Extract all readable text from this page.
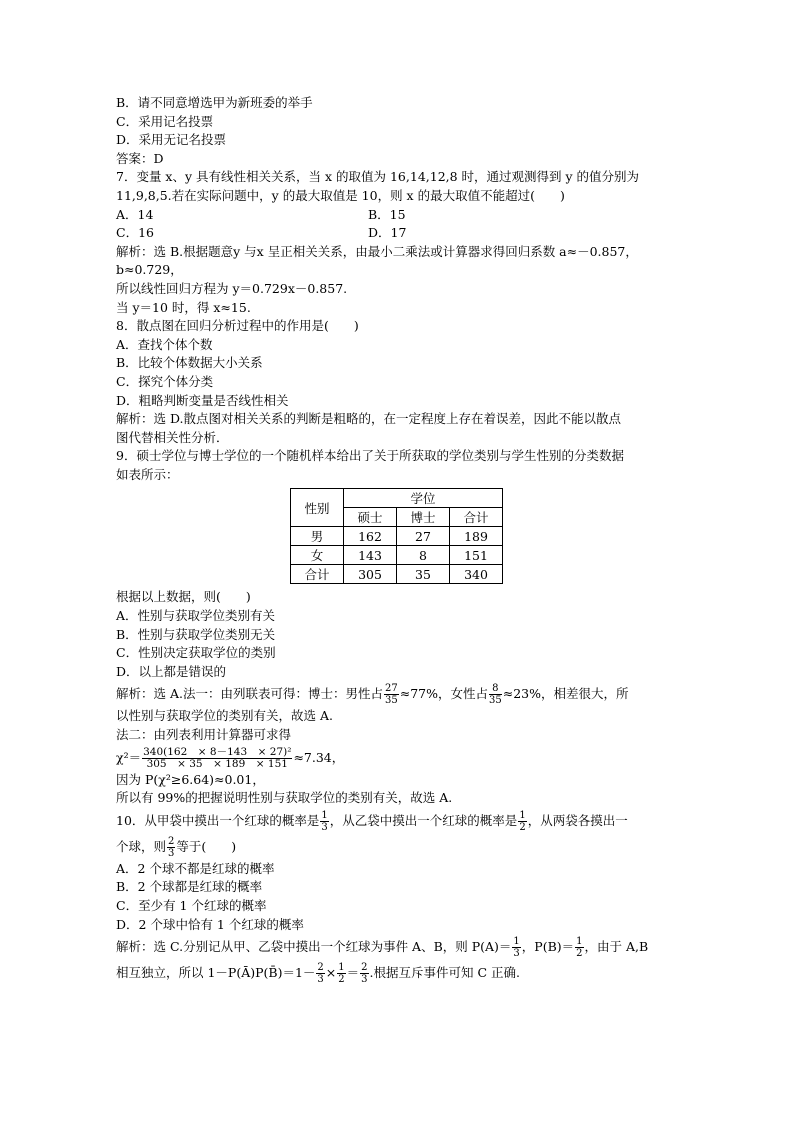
B．请不同意增选甲为新班委的举手
C．采用记名投票
D．采用无记名投票
答案：D
7．变量 x、y 具有线性相关关系，当 x 的取值为 16,14,12,8 时，通过观测得到 y 的值分别为
11,9,8,5.若在实际问题中，y 的最大取值是 10，则 x 的最大取值不能超过(　　)
A．14	B．15
C．16	D．17
解析：选 B.根据题意y 与x 呈正相关关系，由最小二乘法或计算器求得回归系数 a≈－0.857，
b≈0.729，
所以线性回归方程为 y＝0.729x－0.857.
当 y＝10 时，得 x≈15.
8．散点图在回归分析过程中的作用是(　　)
A．查找个体个数
B．比较个体数据大小关系
C．探究个体分类
D．粗略判断变量是否线性相关
解析：选 D.散点图对相关关系的判断是粗略的，在一定程度上存在着误差，因此不能以散点
图代替相关性分析．
9．硕士学位与博士学位的一个随机样本给出了关于所获取的学位类别与学生性别的分类数据
如表所示：
性别	学位		
	硕士	博士	合计
男	162	27	189
女	143	8	151
合计	305	35	340
根据以上数据，则(　　)
A．性别与获取学位类别有关
B．性别与获取学位类别无关
C．性别决定获取学位的类别
D．以上都是错误的
解析：选 A.法一：由列联表可得：博士：男性占 $\frac{27}{35} \approx 77\%$，女性占 $\frac{8}{35} \approx 23\%$，相差很大，所
以性别与获取学位的类别有关，故选 A.
法二：由列表利用计算器可求得
$\chi^2= \frac{\text{340(162　× 8－143　× 27)²}}{305 \times 35 \times 189 \times 151} \approx 7.34$，
因为 P(χ²≥6.64)≈0.01，
所以有 99%的把握说明性别与获取学位的类别有关，故选 A.
10．从甲袋中摸出一个红球的概率是 $\frac{1}{3}$ ，从乙袋中摸出一个红球的概率是 $\frac{1}{2}$ ，从两袋各摸出一
个球，则 $\frac{2}{3}$ 等于(　　)
A．2 个球不都是红球的概率
B．2 个球都是红球的概率
C．至少有 1 个红球的概率
D．2 个球中恰有 1 个红球的概率
解析：选 C.分别记从甲、乙袋中摸出一个红球为事件 A、B，则 $P(A)= \frac{1}{3}$ ，$P(B)= \frac{1}{2}$ ，由于 A,B
相互独立，所以 1－P(Ā)P(B̄)＝1－ $\frac{2}{3} \times \frac{1}{2} = \frac{2}{3}$ .根据互斥事件可知 C 正确.
